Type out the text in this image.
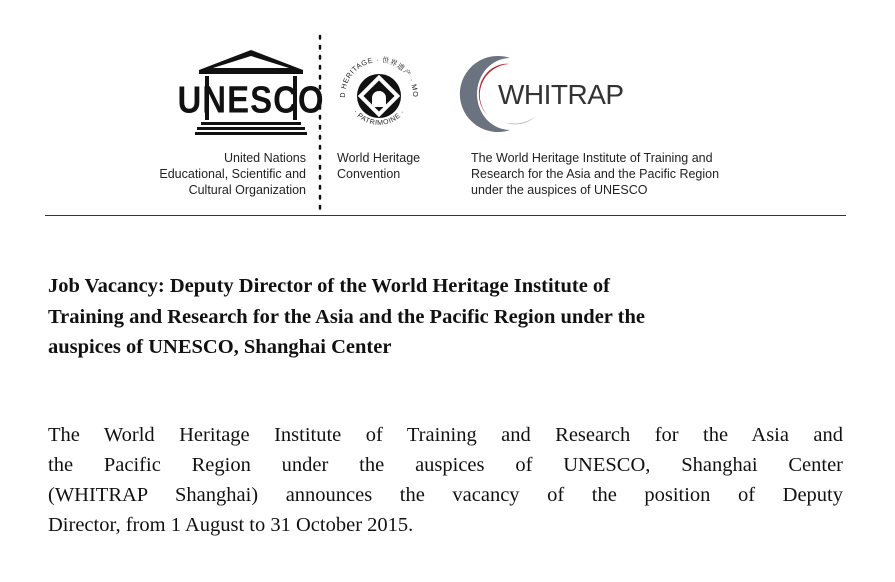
UNESCO
United Nations
Educational, Scientific and
Cultural Organization
D HERITAGE · 世界遗产 · MO
· PATRIMOINE ·
World Heritage
Convention
WHITRAP
The World Heritage Institute of Training and
Research for the Asia and the Pacific Region
under the auspices of UNESCO
Job Vacancy: Deputy Director of the World Heritage Institute of
Training and Research for the Asia and the Pacific Region under the
auspices of UNESCO, Shanghai Center
The World Heritage Institute of Training and Research for the Asia and
the Pacific Region under the auspices of UNESCO, Shanghai Center
(WHITRAP Shanghai) announces the vacancy of the position of Deputy
Director, from 1 August to 31 October 2015.
